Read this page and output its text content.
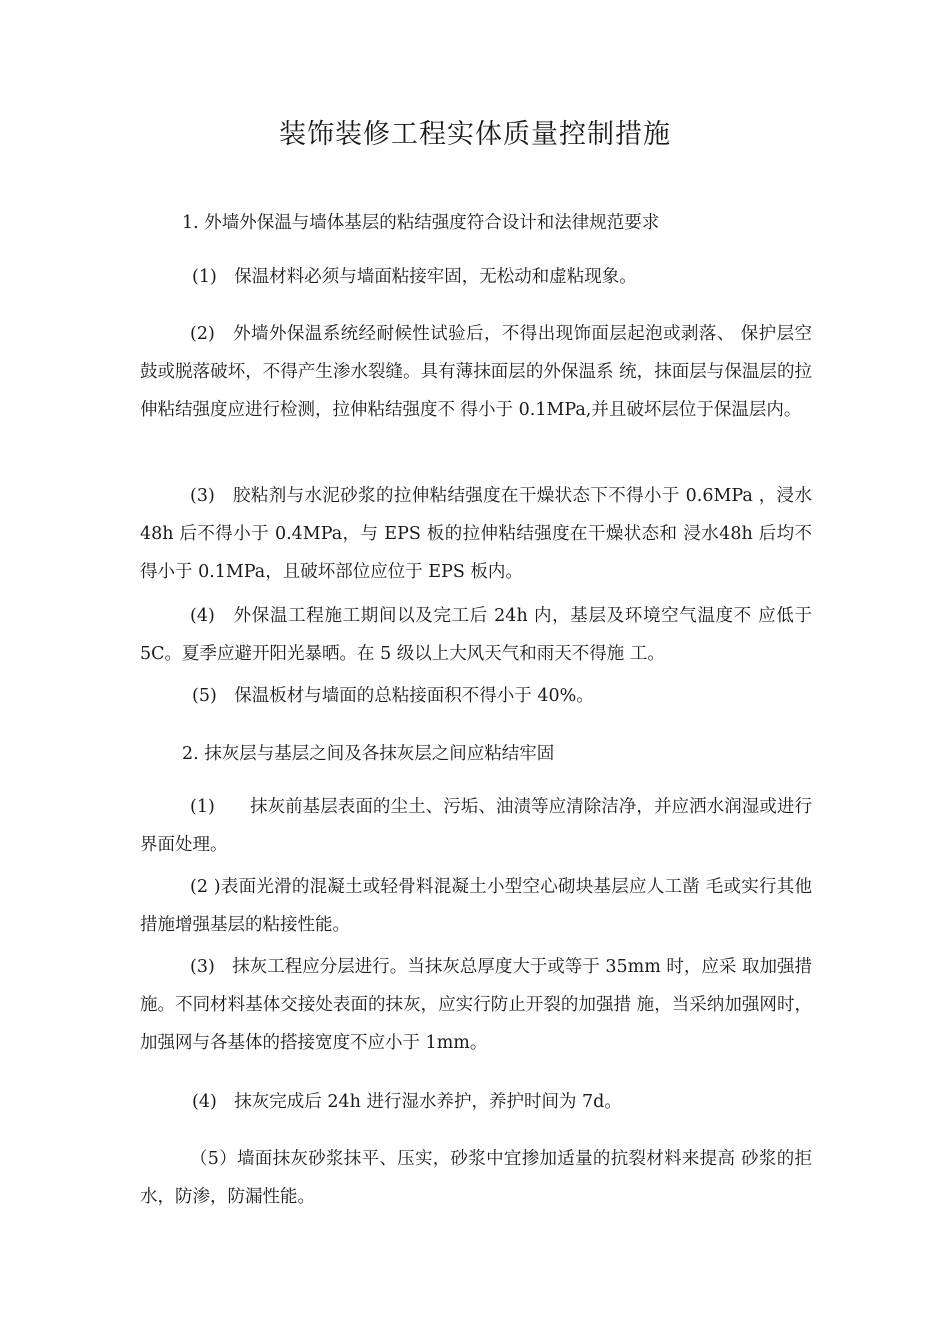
装饰装修工程实体质量控制措施

1. 外墙外保温与墙体基层的粘结强度符合设计和法律规范要求

(1)　保温材料必须与墙面粘接牢固，无松动和虚粘现象。

(2)　外墙外保温系统经耐候性试验后，不得出现饰面层起泡或剥落、 保护层空鼓或脱落破坏，不得产生渗水裂缝。具有薄抹面层的外保温系 统，抹面层与保温层的拉伸粘结强度应进行检测，拉伸粘结强度不 得小于 0.1MPa,并且破坏层位于保温层内。

(3)　胶粘剂与水泥砂浆的拉伸粘结强度在干燥状态下不得小于 0.6MPa ，浸水 48h 后不得小于 0.4MPa，与 EPS 板的拉伸粘结强度在干燥状态和 浸水48h 后均不得小于 0.1MPa，且破坏部位应位于 EPS 板内。

(4)　外保温工程施工期间以及完工后 24h 内，基层及环境空气温度不 应低于 5C。夏季应避开阳光暴晒。在 5 级以上大风天气和雨天不得施 工。

(5)　保温板材与墙面的总粘接面积不得小于 40%。

2. 抹灰层与基层之间及各抹灰层之间应粘结牢固

(1)　　抹灰前基层表面的尘土、污垢、油渍等应清除洁净，并应洒水润湿或进行界面处理。

(2 )表面光滑的混凝土或轻骨料混凝土小型空心砌块基层应人工凿 毛或实行其他措施增强基层的粘接性能。

(3)　抹灰工程应分层进行。当抹灰总厚度大于或等于 35mm 时，应采 取加强措施。不同材料基体交接处表面的抹灰，应实行防止开裂的加强措 施，当采纳加强网时，加强网与各基体的搭接宽度不应小于 1mm。

(4)　抹灰完成后 24h 进行湿水养护，养护时间为 7d。

（5）墙面抹灰砂浆抹平、压实，砂浆中宜掺加适量的抗裂材料来提高 砂浆的拒水，防渗，防漏性能。
